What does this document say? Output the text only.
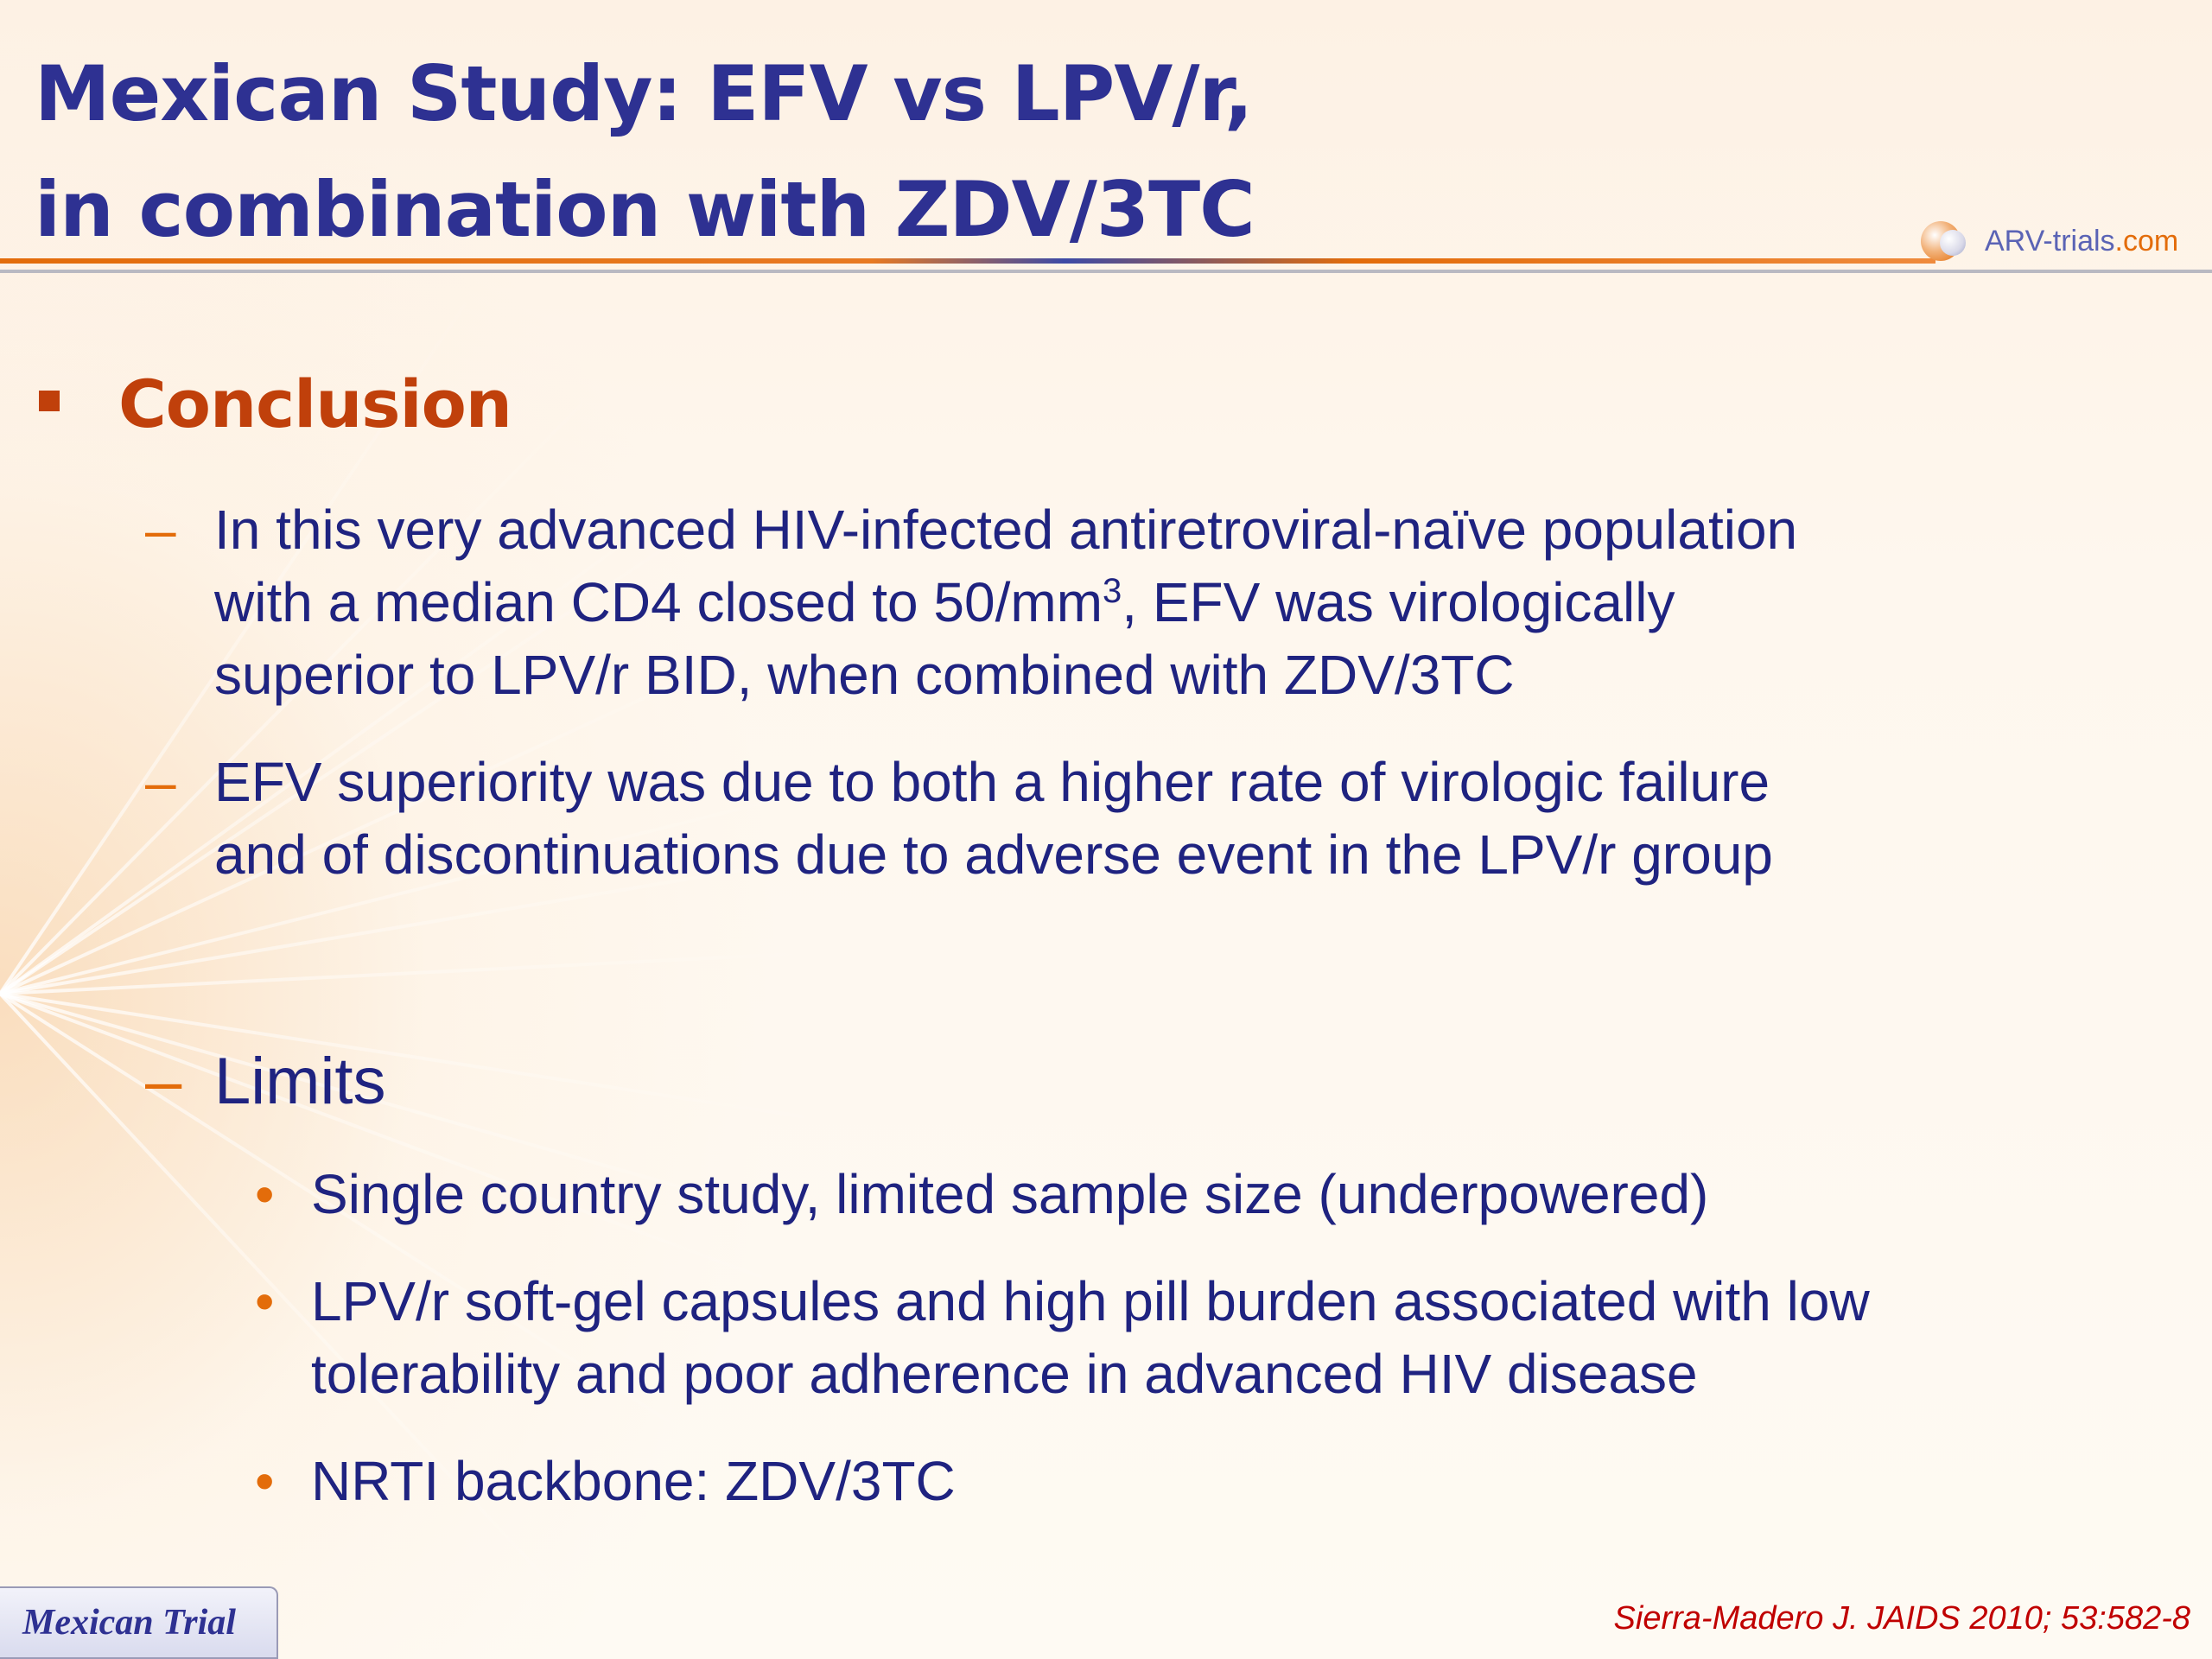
Mexican Study: EFV vs LPV/r,
in combination with ZDV/3TC	ARV-trials.com
Conclusion
– In this very advanced HIV-infected antiretroviral-naïve population
with a median CD4 closed to $50/mm^3$, EFV was virologically
superior to LPV/r BID, when combined with ZDV/3TC
– EFV superiority was due to both a higher rate of virologic failure
and of discontinuations due to adverse event in the LPV/r group
– Limits
• Single country study, limited sample size (underpowered)
• LPV/r soft-gel capsules and high pill burden associated with low
tolerability and poor adherence in advanced HIV disease
• NRTI backbone: ZDV/3TC
Mexican Trial	Sierra-Madero J. JAIDS 2010; 53:582-8
